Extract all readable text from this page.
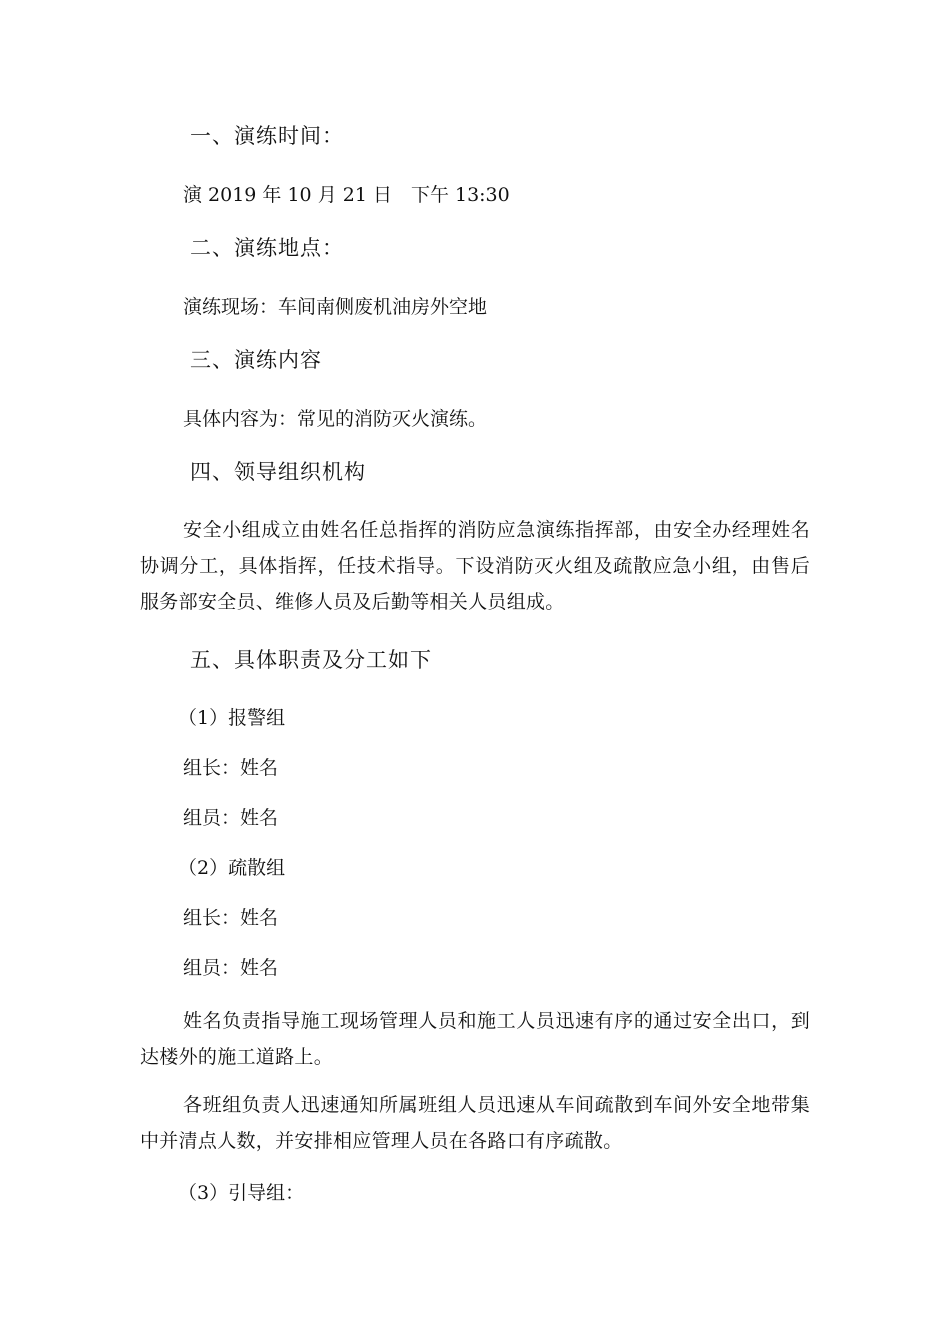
一、演练时间：
演 2019 年 10 月 21 日　下午 13:30
二、演练地点：
演练现场：车间南侧废机油房外空地
三、演练内容
具体内容为：常见的消防灭火演练。
四、领导组织机构
安全小组成立由姓名任总指挥的消防应急演练指挥部，由安全办经理姓名协调分工，具体指挥，任技术指导。下设消防灭火组及疏散应急小组，由售后服务部安全员、维修人员及后勤等相关人员组成。
五、具体职责及分工如下
（1）报警组
组长：姓名
组员：姓名
（2）疏散组
组长：姓名
组员：姓名
姓名负责指导施工现场管理人员和施工人员迅速有序的通过安全出口，到达楼外的施工道路上。
各班组负责人迅速通知所属班组人员迅速从车间疏散到车间外安全地带集中并清点人数，并安排相应管理人员在各路口有序疏散。
（3）引导组：
